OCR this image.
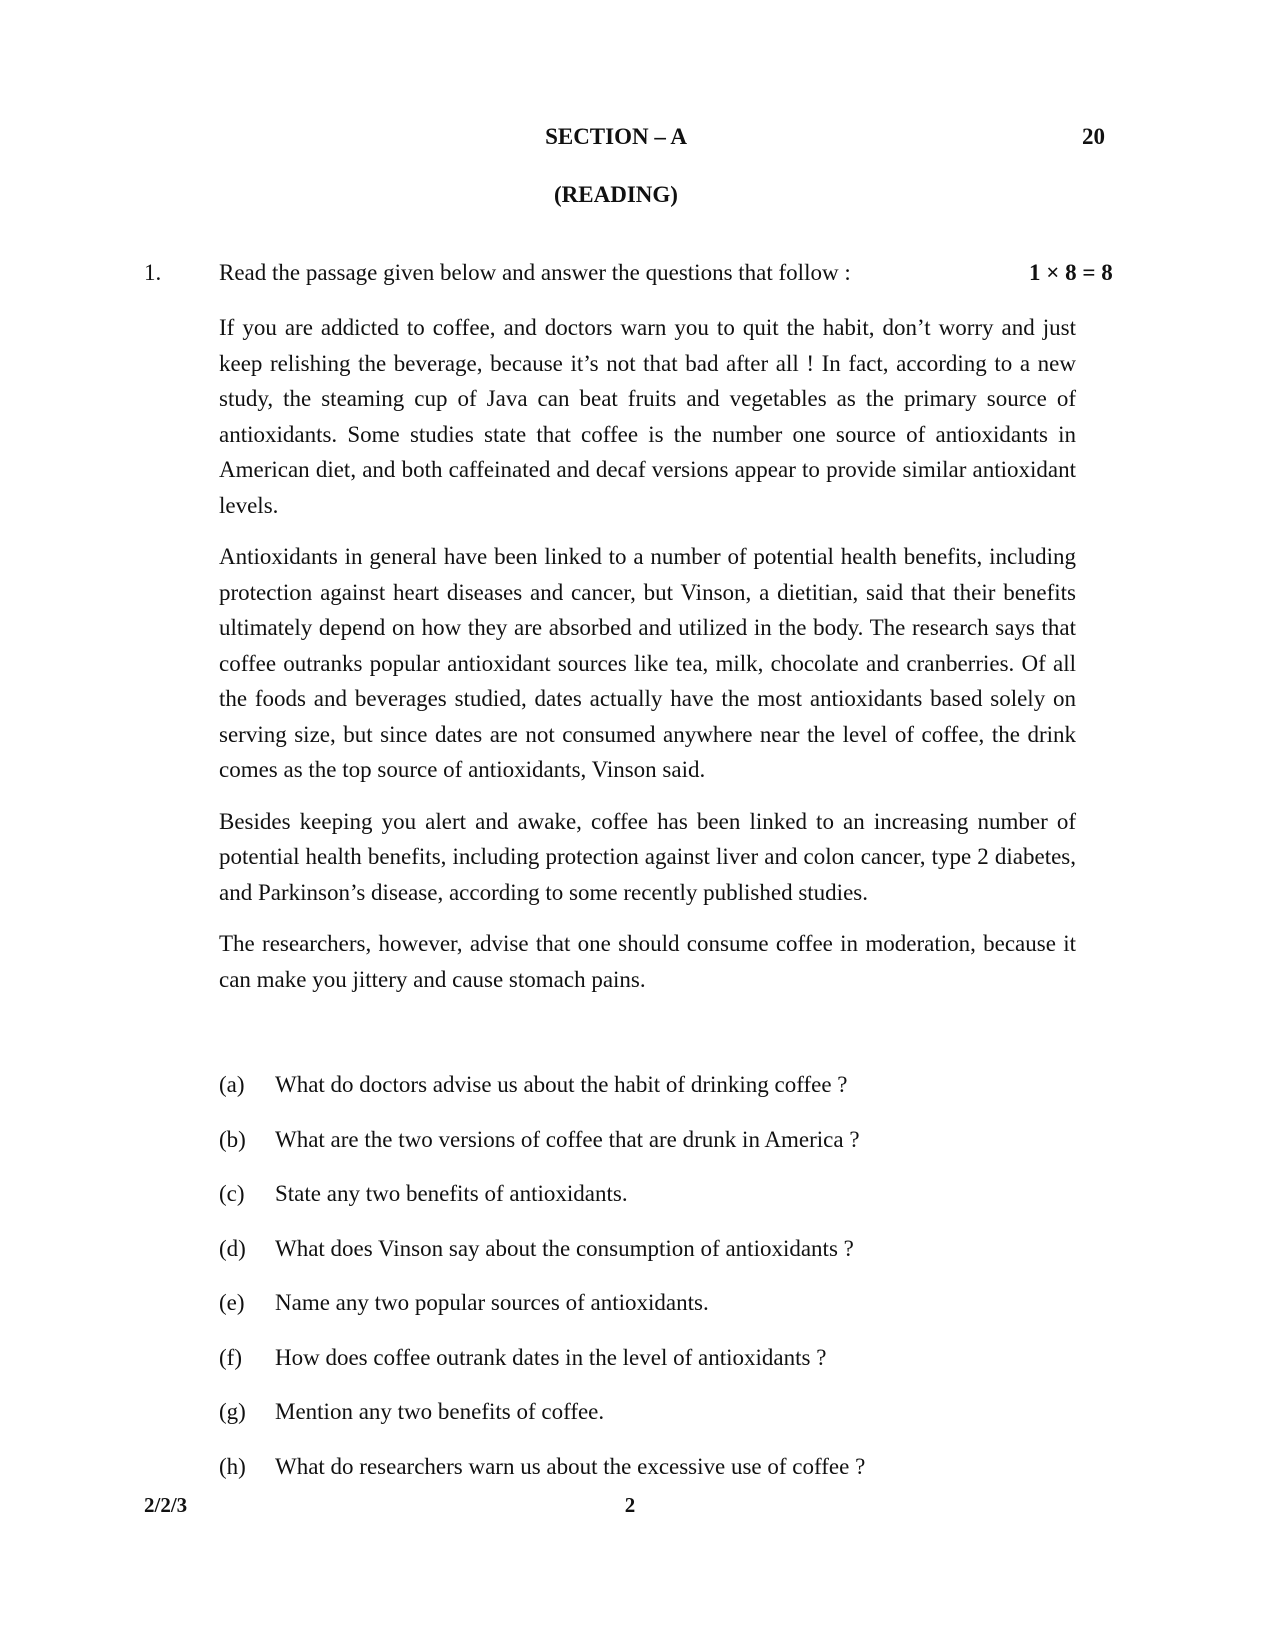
SECTION – A	20
(READING)
1.	Read the passage given below and answer the questions that follow :	1 × 8 = 8

If you are addicted to coffee, and doctors warn you to quit the habit, don’t worry and just keep relishing the beverage, because it’s not that bad after all ! In fact, according to a new study, the steaming cup of Java can beat fruits and vegetables as the primary source of antioxidants. Some studies state that coffee is the number one source of antioxidants in American diet, and both caffeinated and decaf versions appear to provide similar antioxidant levels.

Antioxidants in general have been linked to a number of potential health benefits, including protection against heart diseases and cancer, but Vinson, a dietitian, said that their benefits ultimately depend on how they are absorbed and utilized in the body. The research says that coffee outranks popular antioxidant sources like tea, milk, chocolate and cranberries. Of all the foods and beverages studied, dates actually have the most antioxidants based solely on serving size, but since dates are not consumed anywhere near the level of coffee, the drink comes as the top source of antioxidants, Vinson said.

Besides keeping you alert and awake, coffee has been linked to an increasing number of potential health benefits, including protection against liver and colon cancer, type 2 diabetes, and Parkinson’s disease, according to some recently published studies.

The researchers, however, advise that one should consume coffee in moderation, because it can make you jittery and cause stomach pains.

(a)	What do doctors advise us about the habit of drinking coffee ?
(b)	What are the two versions of coffee that are drunk in America ?
(c)	State any two benefits of antioxidants.
(d)	What does Vinson say about the consumption of antioxidants ?
(e)	Name any two popular sources of antioxidants.
(f)	How does coffee outrank dates in the level of antioxidants ?
(g)	Mention any two benefits of coffee.
(h)	What do researchers warn us about the excessive use of coffee ?
2/2/3	2
